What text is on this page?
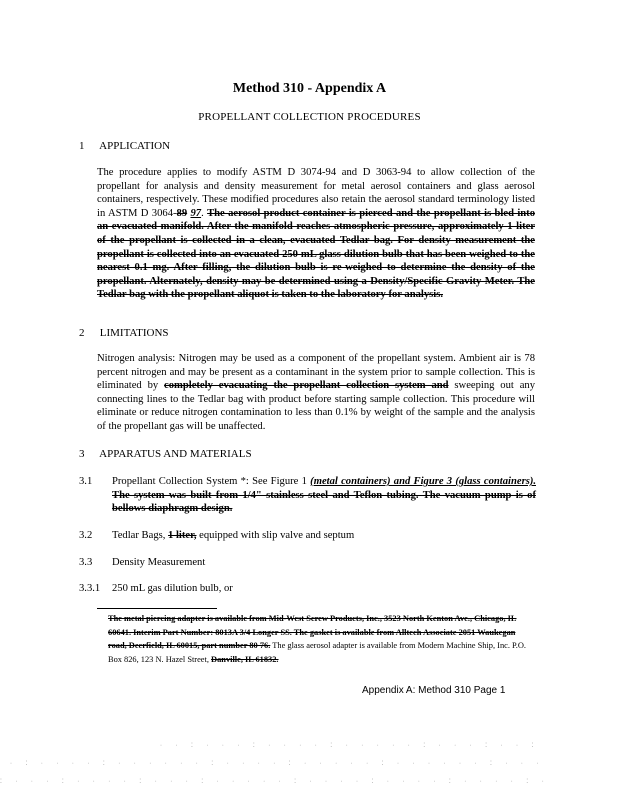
Method 310 - Appendix A
PROPELLANT COLLECTION PROCEDURES
1 APPLICATION
The procedure applies to modify ASTM D 3074-94 and D 3063-94 to allow collection of the propellant for analysis and density measurement for metal aerosol containers and glass aerosol containers, respectively. These modified procedures also retain the aerosol standard terminology listed in ASTM D 3064-89 97. The aerosol product container is pierced and the propellant is bled into an evacuated manifold. After the manifold reaches atmospheric pressure, approximately 1 liter of the propellant is collected in a clean, evacuated Tedlar bag. For density measurement the propellant is collected into an evacuated 250 mL glass dilution bulb that has been weighed to the nearest 0.1 mg. After filling, the dilution bulb is re-weighed to determine the density of the propellant. Alternately, density may be determined using a Density/Specific Gravity Meter. The Tedlar bag with the propellant aliquot is taken to the laboratory for analysis.
2 LIMITATIONS
Nitrogen analysis: Nitrogen may be used as a component of the propellant system. Ambient air is 78 percent nitrogen and may be present as a contaminant in the system prior to sample collection. This is eliminated by completely evacuating the propellant collection system and sweeping out any connecting lines to the Tedlar bag with product before starting sample collection. This procedure will eliminate or reduce nitrogen contamination to less than 0.1% by weight of the sample and the analysis of the propellant gas will be unaffected.
3 APPARATUS AND MATERIALS
3.1 Propellant Collection System *: See Figure 1 (metal containers) and Figure 3 (glass containers). The system was built from 1/4" stainless steel and Teflon tubing. The vacuum pump is of bellows diaphragm design.
3.2 Tedlar Bags, 1 liter, equipped with slip valve and septum
3.3 Density Measurement
3.3.1 250 mL gas dilution bulb, or
The metal piercing adapter is available from Mid-West Screw Products, Inc., 3523 North Kenton Ave., Chicago, IL 60641. Interim Part Number: 8013A 3/4 Longer SS. The gasket is available from Alltech Associate 2051 Waukegan road, Deerfield, IL 60015, part number 80 76. The glass aerosol adapter is available from Modern Machine Ship, Inc. P.O. Box 826, 123 N. Hazel Street, Danville, IL 61832.
Appendix A: Method 310 Page 1
· · ⁚ · · · ⁚ · · · · ⁚ · · · · · ⁚ · · · ⁚ · · ⁚
· ⁚ · · · · ⁚ · · · · · · ⁚ · · · · ⁚ · · · · · ⁚ · · · · · · ⁚ · · ·
⁚ · · · ⁚ · · · · ⁚ · · · ⁚ · · · · · ⁚ · · · · ⁚ · · · · ⁚ · · · · ⁚ ·
